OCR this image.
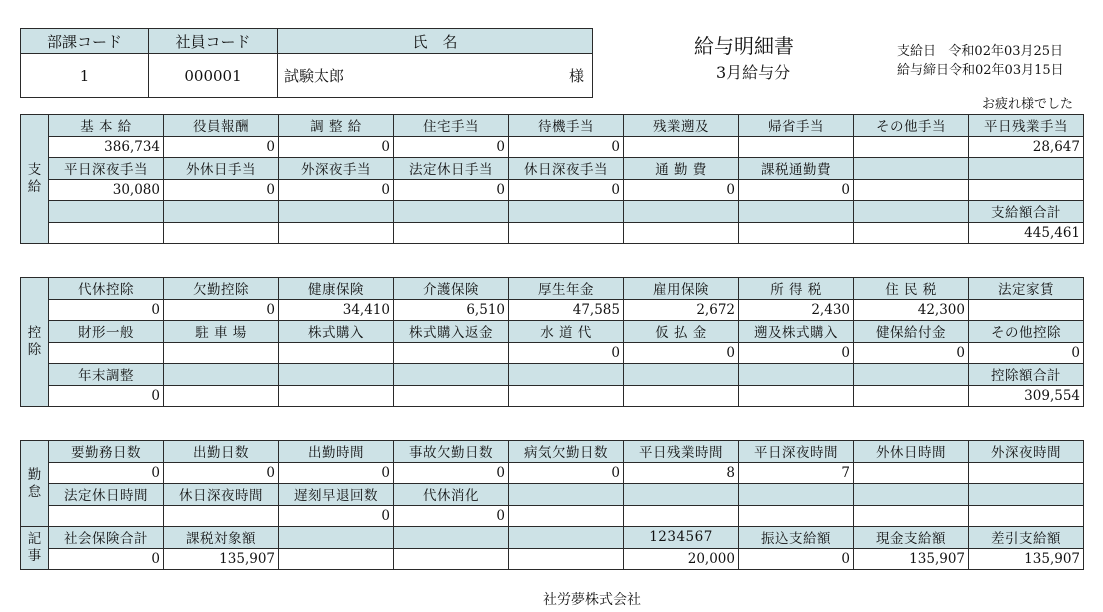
部課コード	社員コード	氏　名
1	000001	試験太郎 様
給与明細書
3月給与分
支給日 令和02年03月25日
給与締日令和02年03月15日
お疲れ様でした
支
給	基 本 給	役員報酬	調 整 給	住宅手当	待機手当	残業遡及	帰省手当	その他手当	平日残業手当
	386,734	0	0	0	0				28,647
	平日深夜手当	外休日手当	外深夜手当	法定休日手当	休日深夜手当	通 勤 費	課税通勤費		
	30,080	0	0	0	0	0	0		
									支給額合計
									445,461
控
除	代休控除	欠勤控除	健康保険	介護保険	厚生年金	雇用保険	所 得 税	住 民 税	法定家賃
	0	0	34,410	6,510	47,585	2,672	2,430	42,300	
	財形一般	駐 車 場	株式購入	株式購入返金	水 道 代	仮 払 金	遡及株式購入	健保給付金	その他控除
					0	0	0	0	0
	年末調整								控除額合計
	0								309,554
勤
怠	要勤務日数	出勤日数	出勤時間	事故欠勤日数	病気欠勤日数	平日残業時間	平日深夜時間	外休日時間	外深夜時間
	0	0	0	0	0	8	7		
	法定休日時間	休日深夜時間	遅刻早退回数	代休消化					
			0	0					
記
事	社会保険合計	課税対象額				1234567	振込支給額	現金支給額	差引支給額
	0	135,907				20,000	0	135,907	135,907
社労夢株式会社
